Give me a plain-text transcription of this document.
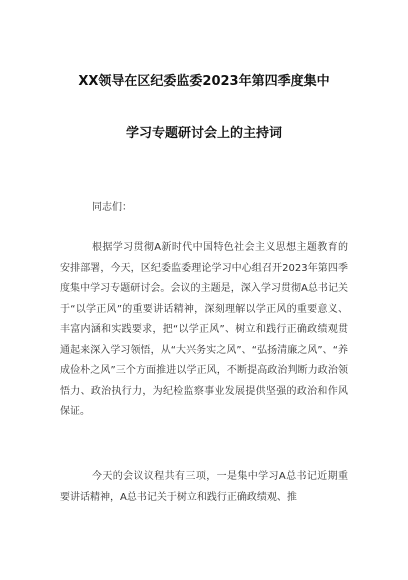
XX领导在区纪委监委2023年第四季度集中
学习专题研讨会上的主持词

同志们：

根据学习贯彻A新时代中国特色社会主义思想主题教育的安排部署，今天，区纪委监委理论学习中心组召开2023年第四季度集中学习专题研讨会。会议的主题是，深入学习贯彻A总书记关于“以学正风”的重要讲话精神，深刻理解以学正风的重要意义、丰富内涵和实践要求，把“以学正风”、树立和践行正确政绩观贯通起来深入学习领悟，从“大兴务实之风”、“弘扬清廉之风”、“养成俭朴之风”三个方面推进以学正风，不断提高政治判断力政治领悟力、政治执行力，为纪检监察事业发展提供坚强的政治和作风保证。

今天的会议议程共有三项，一是集中学习A总书记近期重要讲话精神，A总书记关于树立和践行正确政绩观、推
